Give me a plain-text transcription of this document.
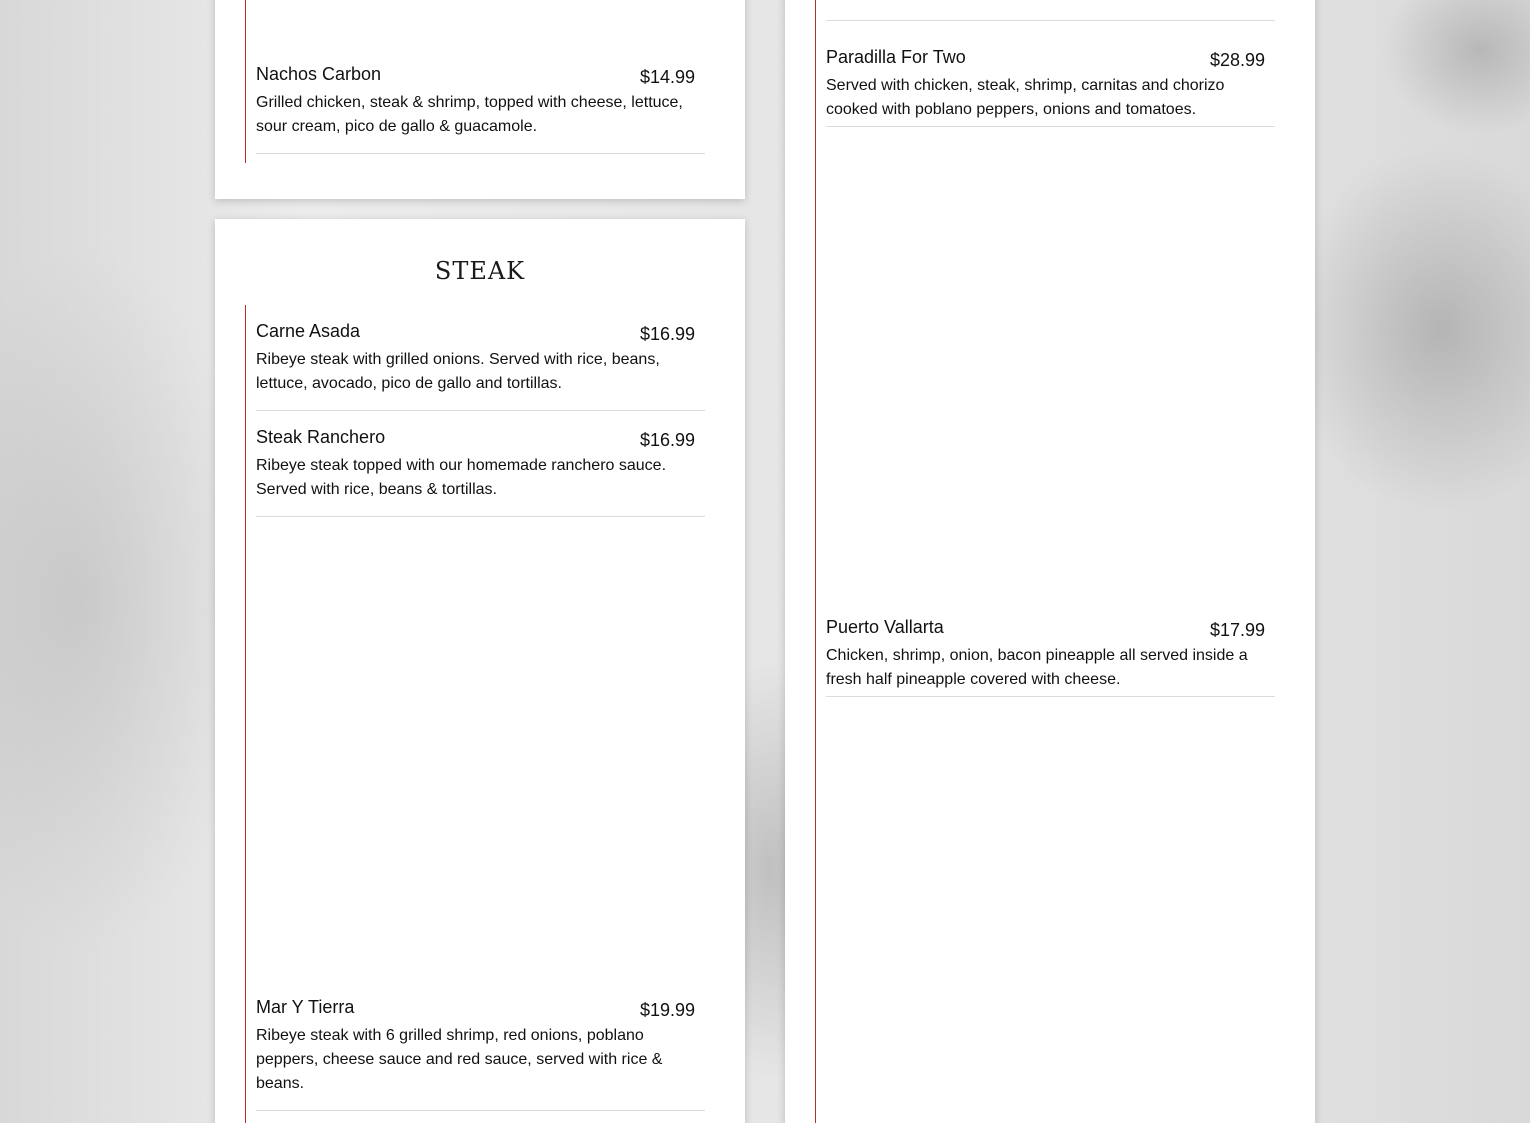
Nachos Carbon	$14.99
Grilled chicken, steak & shrimp, topped with cheese, lettuce, sour cream, pico de gallo & guacamole.
STEAK
Carne Asada	$16.99
Ribeye steak with grilled onions. Served with rice, beans, lettuce, avocado, pico de gallo and tortillas.
Steak Ranchero	$16.99
Ribeye steak topped with our homemade ranchero sauce. Served with rice, beans & tortillas.
Mar Y Tierra	$19.99
Ribeye steak with 6 grilled shrimp, red onions, poblano peppers, cheese sauce and red sauce, served with rice & beans.
Paradilla For Two	$28.99
Served with chicken, steak, shrimp, carnitas and chorizo cooked with poblano peppers, onions and tomatoes.
Puerto Vallarta	$17.99
Chicken, shrimp, onion, bacon pineapple all served inside a fresh half pineapple covered with cheese.
